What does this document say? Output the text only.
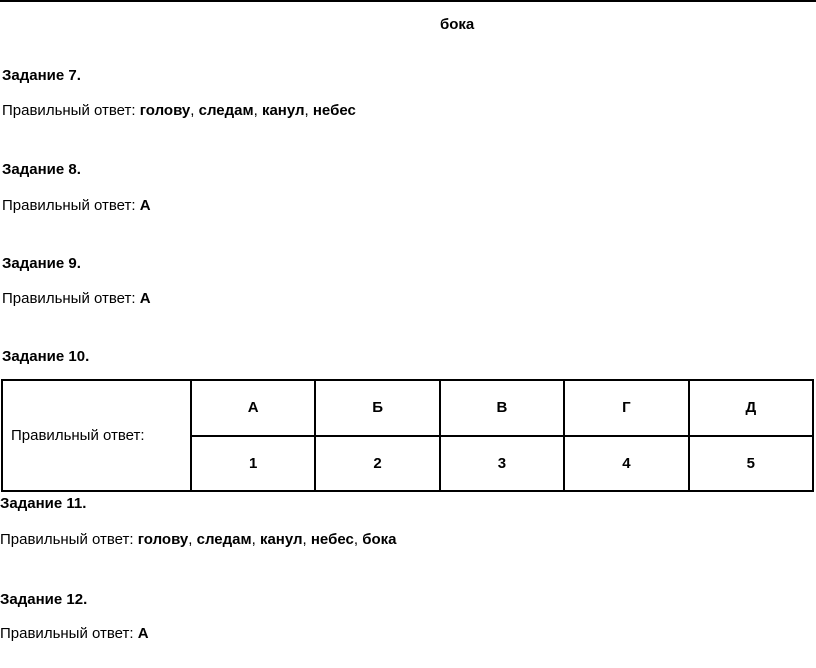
бока
Задание 7.
Правильный ответ: голову, следам, канул, небес
Задание 8.
Правильный ответ: А
Задание 9.
Правильный ответ: А
Задание 10.
Правильный ответ:	А	Б	В	Г	Д
	1	2	3	4	5
Задание 11.
Правильный ответ: голову, следам, канул, небес, бока
Задание 12.
Правильный ответ: А
